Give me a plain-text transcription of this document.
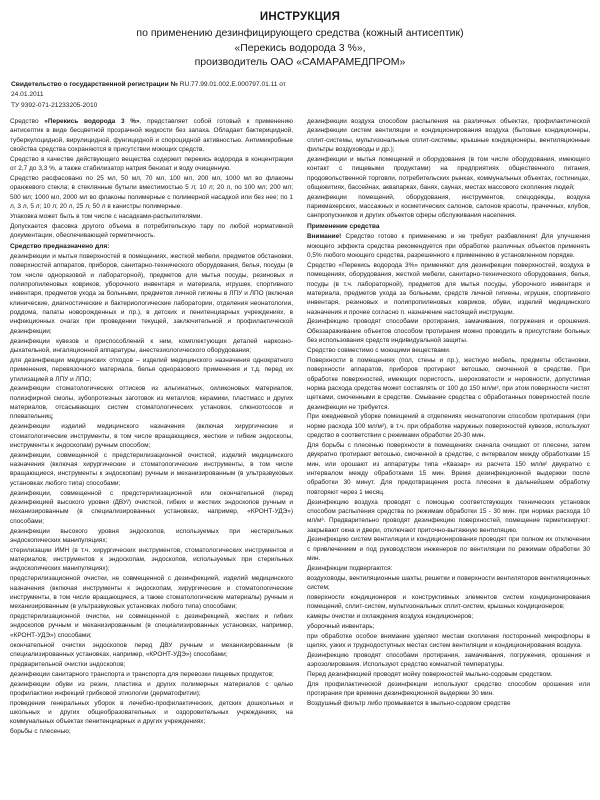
ИНСТРУКЦИЯ
по применению дезинфицирующего средства (кожный антисептик)
«Перекись водорода 3 %»,
производитель ОАО «САМАРАМЕДПРОМ»

Свидетельство о государственной регистрации № RU.77.99.01.002.Е.000797.01.11 от 24.01.2011

ТУ 9392-071-21233205-2010

Средство «Перекись водорода 3 %», представляет собой готовый к применению антисептик в виде бесцветной прозрачной жидкости без запаха. Обладает бактерицидной, туберкулоцидной, вирулицидной, фунгицидной и спороцидной активностью. Антимикробные свойства средства сохраняются в присутствии моющих средств.

Средство в качестве действующего вещества содержит перекись водорода в концентрации от 2,7 до 3,3 %, а также стабилизатор натрия бензоат и воду очищенную.

Средство расфасовано по 25 мл, 50 мл, 70 мл, 100 мл, 200 мл, 1000 мл во флаконы оранжевого стекла; в стеклянные бутыли вместимостью 5 л; 10 л; 20 л, по 100 мл; 200 мл; 500 мл; 1000 мл, 2000 мл во флаконы полимерные с полимерной насадкой или без нее; по 1 л, 3 л, 5 л; 10 л; 20 л, 25 л, 50 л в канистры полимерные.

Упаковка может быть в том числе с насадками-распылителями.

Допускается фасовка другого объема в потребительскую тару по любой нормативной документации, обеспечивающей герметичность.

Средство предназначено для:

дезинфекции и мытья поверхностей в помещениях, жесткой мебели, предметов обстановки, поверхностей аппаратов, приборов, санитарно-технического оборудования, белья, посуды (в том числе одноразовой и лабораторной), предметов для мытья посуды, резиновых и полипропиленовых ковриков, уборочного инвентаря и материала, игрушек, спортивного инвентаря, предметов ухода за больными, предметов личной гигиены в ЛПУ и ЛПО (включая клинические, диагностические и бактериологические лаборатории, отделения неонатологии, роддома, палаты новорожденных и пр.), в детских и пенитенциарных учреждениях, в инфекционных очагах при проведении текущей, заключительной и профилактической дезинфекции;

дезинфекции кувезов и приспособлений к ним, комплектующих деталей наркозно-дыхательной, ингаляционной аппаратуры, анестезиологического оборудования;

для дезинфекции медицинских отходов – изделий медицинского назначения однократного применения, перевязочного материала, белья одноразового применения и т.д. перед их утилизацией в ЛПУ и ЛПО;

дезинфекции стоматологических оттисков из альгинатных, силиконовых материалов, полиэфирной смолы, зубопротезных заготовок из металлов, керамики, пластмасс и других материалов, отсасывающих систем стоматологических установок, слюноотсосов и плевательниц;

дезинфекции изделий медицинского назначения (включая хирургические и стоматологические инструменты, в том числе вращающиеся, жесткие и гибкие эндоскопы, инструменты к эндоскопам) ручным способом;

дезинфекции, совмещенной с предстерилизационной очисткой, изделий медицинского назначения (включая хирургические и стоматологические инструменты, в том числе вращающиеся, инструменты к эндоскопам) ручным и механизированным (в ультразвуковых установках любого типа) способами;

дезинфекции, совмещенной с предстерилизационной или окончательной (перед дезинфекцией высокого уровня /ДВУ/) очисткой, гибких и жестких эндоскопов ручным и механизированным (в специализированных установках, например, «КРОНТ-УДЭ») способами;

дезинфекции высокого уровня эндоскопов, используемых при нестерильных эндоскопических манипуляциях;

стерилизации ИМН (в т.ч. хирургических инструментов, стоматологических инструментов и материалов, инструментов к эндоскопам, эндоскопов, используемых при стерильных эндоскопических манипуляциях);

предстерилизационной очистки, не совмещенной с дезинфекцией, изделий медицинского назначения (включая инструменты к эндоскопам, хирургические и стоматологические инструменты, в том числе вращающиеся, а также стоматологические материалы) ручным и механизированным (в ультразвуковых установках любого типа) способами;

предстерилизационной очистки, не совмещенной с дезинфекцией, жестких и гибких эндоскопов ручным и механизированным (в специализированных установках, например, «КРОНТ-УДЭ») способами;

окончательной очистки эндоскопов перед ДВУ ручным и механизированным (в специализированных установках, например, «КРОНТ-УДЭ») способами;

предварительной очистки эндоскопов;

дезинфекции санитарного транспорта и транспорта для перевозки пищевых продуктов;

дезинфекции обуви из резин, пластика и других полимерных материалов с целью профилактики инфекций грибковой этиологии (дерматофитии);

проведения генеральных уборок в лечебно-профилактических, детских дошкольных и школьных и других общеобразовательных и оздоровительных учреждениях, на коммунальных объектах пенитенциарных и других учреждениях;

борьбы с плесенью;

дезинфекции воздуха способом распыления на различных объектах, профилактической дезинфекции систем вентиляции и кондиционирования воздуха (бытовые кондиционеры, сплит-системы, мультизональные сплит-системы, крышные кондиционеры, вентиляционные фильтры воздуховоды и др.);

дезинфекции и мытья помещений и оборудования (в том числе оборудования, имеющего контакт с пищевыми продуктами) на предприятиях общественного питания, продовольственной торговли, потребительских рынках, коммунальных объектах, гостиницах, общежитиях, бассейнах, аквапарках, банях, саунах, местах массового скопления людей;

дезинфекции помещений, оборудования, инструментов, спецодежды, воздуха парикмахерских, массажных и косметических салонов, салонов красоты, прачечных, клубов, санпропускников и других объектов сферы обслуживания населения.

Применение средства

Внимание! Средство готово к применению и не требует разбавления! Для улучшения моющего эффекта средства рекомендуется при обработке различных объектов применять 0,5% любого моющего средства, разрешенного к применению в установленном порядке.

Средство «Перекись водорода 3%» применяют для дезинфекции поверхностей, воздуха в помещениях, оборудования, жесткой мебели, санитарно-технического оборудования, белья, посуды (в т.ч. лабораторной), предметов для мытья посуды, уборочного инвентаря и материала, предметов ухода за больными, средств личной гигиены, игрушек, спортивного инвентаря, резиновых и полипропиленовых ковриков, обуви, изделий медицинского назначения и прочее согласно п. назначение настоящей инструкции.

Дезинфекцию проводят способами протирания, замачивания, погружения и орошения. Обеззараживание объектов способом протирания можно проводить в присутствии больных без использования средств индивидуальной защиты.

Средство совместимо с моющими веществами.

Поверхности в помещениях (пол, стены и пр.), жесткую мебель, предметы обстановки, поверхности аппаратов, приборов протирают ветошью, смоченной в средстве. При обработке поверхностей, имеющих пористость, шероховатости и неровности, допустимая норма расхода средства может составлять от 100 до 150 мл/м², при этом поверхности чистят щетками, смоченными в средстве. Смывание средства с обработанных поверхностей после дезинфекции не требуется.

При ежедневной уборке помещений в отделениях неонатологии способом протирания (при норме расхода 100 мл/м²), в т.ч. при обработке наружных поверхностей кувезов, используют средство в соответствии с режимами обработки 20-30 мин.

Для борьбы с плесенью поверхности в помещениях сначала очищают от плесени, затем двукратно протирают ветошью, смоченной в средстве, с интервалом между обработками 15 мин, или орошают из аппаратуры типа «Квазар» из расчета 150 мл/м² двукратно с интервалом между обработками 15 мин. Время дезинфекционной выдержки после обработки 30 минут. Для предотвращения роста плесени в дальнейшем обработку повторяют через 1 месяц.

Дезинфекцию воздуха проводят с помощью соответствующих технических установок способом распыления средства по режимам обработки 15 - 30 мин. при нормах расхода 10 мл/м³. Предварительно проводят дезинфекцию поверхностей, помещение герметизируют: закрывают окна и двери, отключают приточно-вытяжную вентиляцию.

Дезинфекцию систем вентиляции и кондиционирования проводят при полном их отключении с привлечением и под руководством инженеров по вентиляции по режимам обработки 30 мин.

Дезинфекции подвергаются:

воздуховоды, вентиляционные шахты, решетки и поверхности вентиляторов вентиляционных систем;

поверхности кондиционеров и конструктивных элементов систем кондиционирования помещений, сплит-систем, мультизональных сплит-систем, крышных кондиционеров;

камеры очистки и охлаждения воздуха кондиционеров;

уборочный инвентарь;

при обработке особое внимание уделяют местам скопления посторонней микрофлоры в щелях, узких и труднодоступных местах систем вентиляции и кондиционирования воздуха.

Дезинфекцию проводят способами протирания, замачивания, погружения, орошения и аэрозолирования. Используют средство комнатной температуры.

Перед дезинфекцией проводят мойку поверхностей мыльно-содовым средством.

Для профилактической дезинфекции используют средство способом орошения или протирания при времени дезинфекционной выдержки 30 мин.

Воздушный фильтр либо промывается в мыльно-содовом средстве
